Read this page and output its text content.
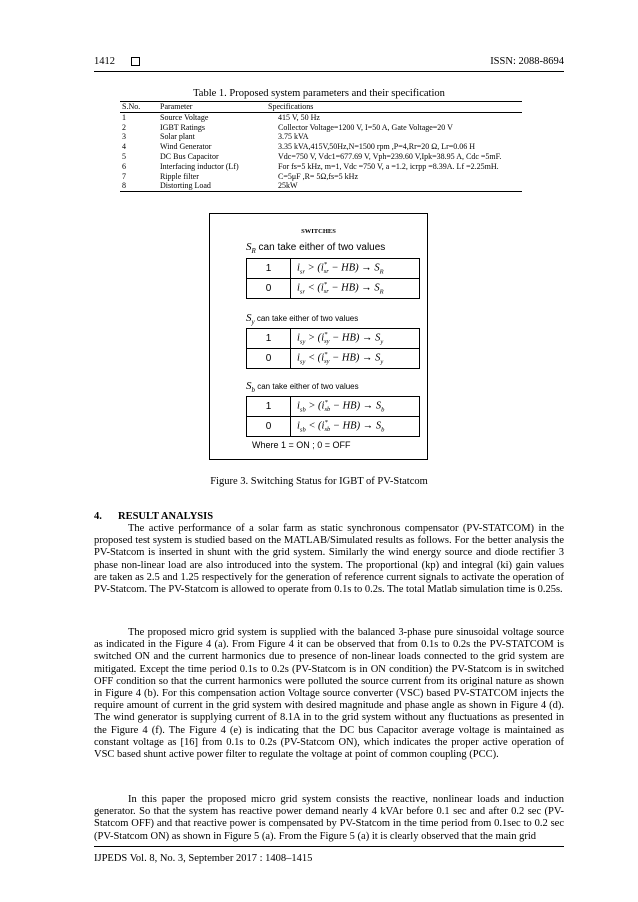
1412	ISSN: 2088-8694
Table 1. Proposed system parameters and their specification
S.No.	Parameter	Specifications
1	Source Voltage	415 V, 50 Hz
2	IGBT Ratings	Collector Voltage=1200 V, I=50 A, Gate Voltage=20 V
3	Solar plant	3.75 kVA
4	Wind Generator	3.35 kVA,415V,50Hz,N=1500 rpm ,P=4,Rr=20 Ω, Lr=0.06 H
5	DC Bus Capacitor	Vdc=750 V, Vdc1=677.69 V, Vph=239.60 V,Ipk=38.95 A, Cdc =5mF.
6	Interfacing inductor (Lf)	For fs=5 kHz, m=1, Vdc =750 V, a =1.2, icrpp =8.39A. Lf =2.25mH.
7	Ripple filter	C=5μF ,R= 5Ω,fs=5 kHz
8	Distorting Load	25kW
SWITCHES
Where 1 = ON ; 0 = OFF
$S_R$ can take either of two values
1	$i_{sr} > (i$ *
sr − $HB) \to S_R$
0	$i_{sr} < (i$ *
sr − $HB) \to S_R$
$S_y$ can take either of two values
1	$i_{sy} > (i$ *
sy − $HB) \to S_y$
0	$i_{sy} < (i$ *
sy − $HB) \to S_y$
$S_b$ can take either of two values
1	$i_{sb} > (i$ *
sb − $HB) \to S_b$
0	$i_{sb} < (i$ *
sb − $HB) \to S_b$
Figure 3. Switching Status for IGBT of PV-Statcom
4. RESULT ANALYSIS
The active performance of a solar farm as static synchronous compensator (PV-STATCOM) in the proposed test system is studied based on the MATLAB/Simulated results as follows. For the better analysis the PV-Statcom is inserted in shunt with the grid system. Similarly the wind energy source and diode rectifier 3 phase non-linear load are also introduced into the system. The proportional (kp) and integral (ki) gain values are taken as 2.5 and 1.25 respectively for the generation of reference current signals to activate the operation of PV-Statcom. The PV-Statcom is allowed to operate from 0.1s to 0.2s. The total Matlab simulation time is 0.25s.
The proposed micro grid system is supplied with the balanced 3-phase pure sinusoidal voltage source as indicated in the Figure 4 (a). From Figure 4 it can be observed that from 0.1s to 0.2s the PV-STATCOM is switched ON and the current harmonics due to presence of non-linear loads connected to the grid system are mitigated. Except the time period 0.1s to 0.2s (PV-Statcom is in ON condition) the PV-Statcom is in switched OFF condition so that the current harmonics were polluted the source current from its original nature as shown in Figure 4 (b). For this compensation action Voltage source converter (VSC) based PV-STATCOM injects the require amount of current in the grid system with desired magnitude and phase angle as shown in Figure 4 (d). The wind generator is supplying current of 8.1A in to the grid system without any fluctuations as presented in the Figure 4 (f). The Figure 4 (e) is indicating that the DC bus Capacitor average voltage is maintained as constant voltage as [16] from 0.1s to 0.2s (PV-Statcom ON), which indicates the proper active operation of VSC based shunt active power filter to regulate the voltage at point of common coupling (PCC).
In this paper the proposed micro grid system consists the reactive, nonlinear loads and induction generator. So that the system has reactive power demand nearly 4 kVAr before 0.1 sec and after 0.2 sec (PV-Statcom OFF) and that reactive power is compensated by PV-Statcom in the time period from 0.1sec to 0.2 sec (PV-Statcom ON) as shown in Figure 5 (a). From the Figure 5 (a) it is clearly observed that the main grid
IJPEDS Vol. 8, No. 3, September 2017 : 1408–1415
